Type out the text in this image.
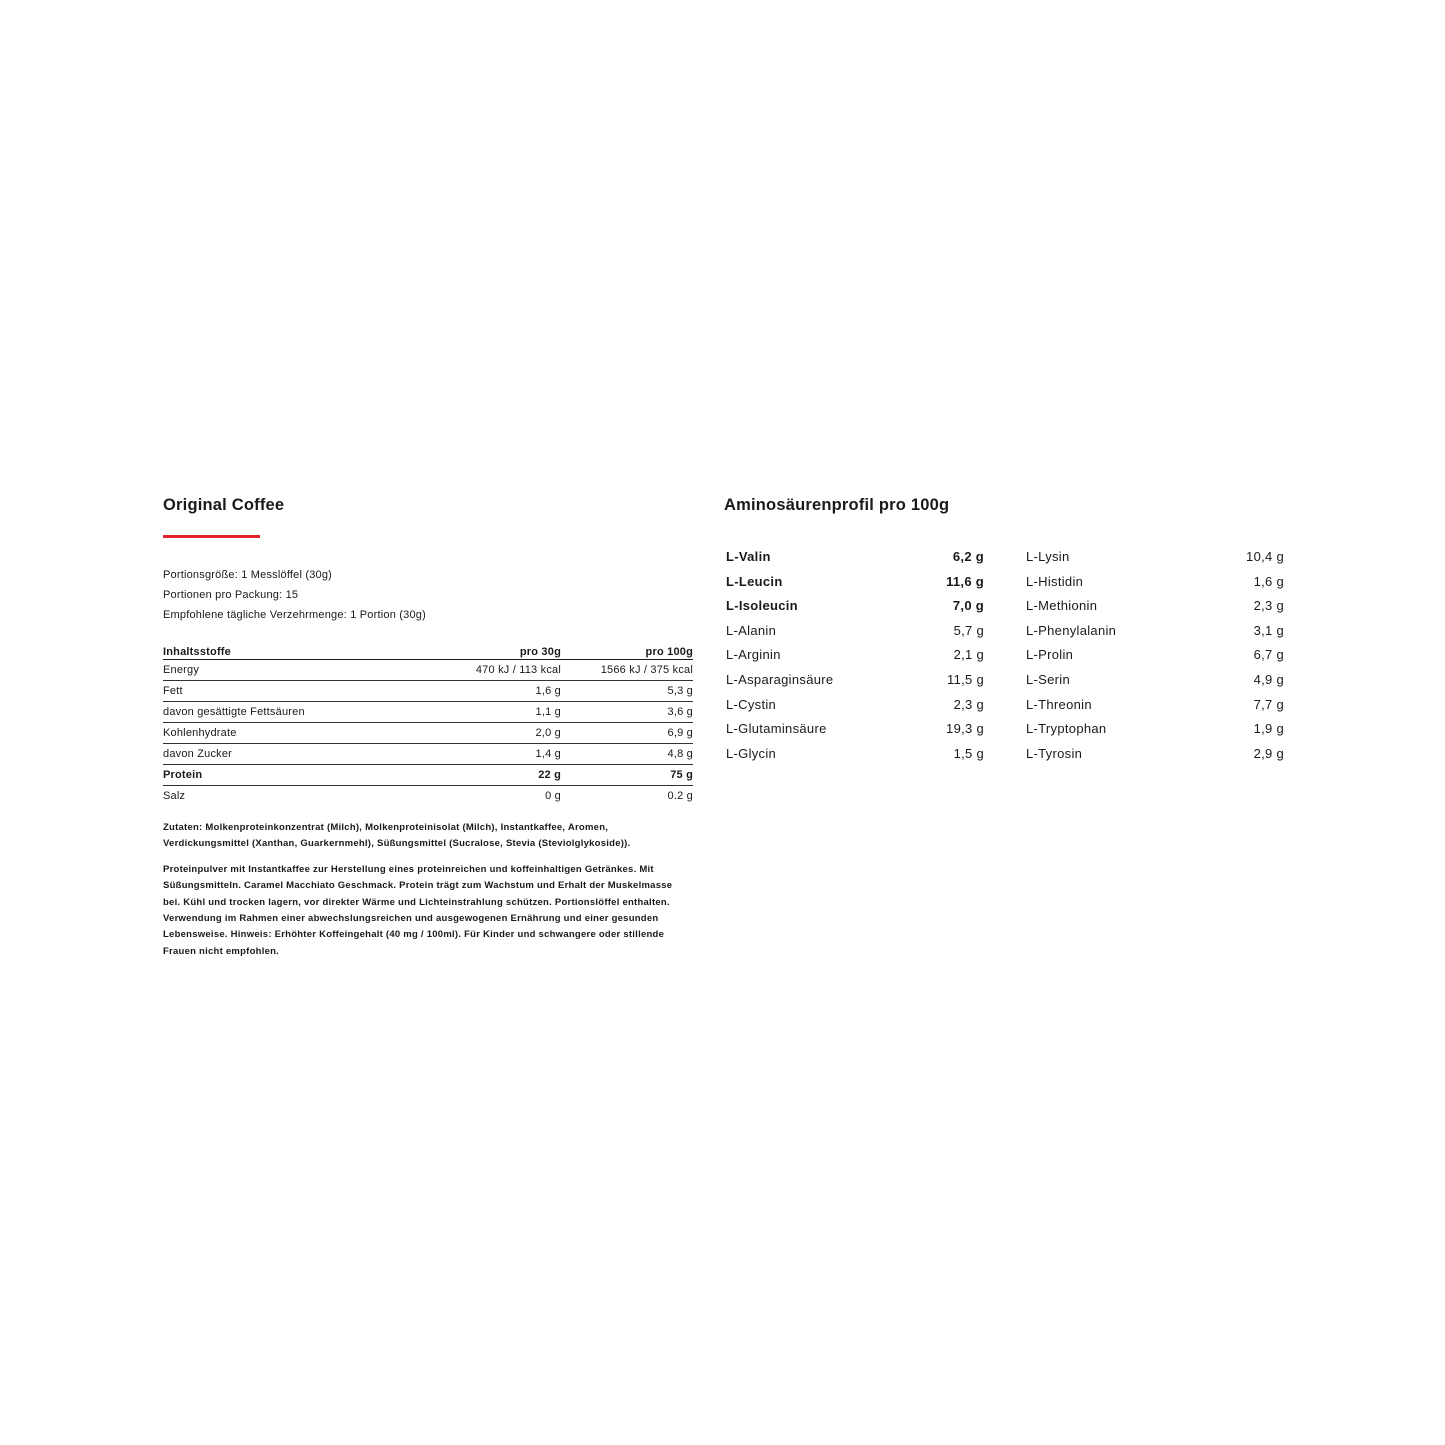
Original Coffee
Portionsgröße: 1 Messlöffel (30g)
Portionen pro Packung: 15
Empfohlene tägliche Verzehrmenge: 1 Portion (30g)
Inhaltsstoffe	pro 30g	pro 100g
Energy	470 kJ / 113 kcal	1566 kJ / 375 kcal
Fett	1,6 g	5,3 g
davon gesättigte Fettsäuren	1,1 g	3,6 g
Kohlenhydrate	2,0 g	6,9 g
davon Zucker	1,4 g	4,8 g
Protein	22 g	75 g
Salz	0 g	0.2 g

Zutaten: Molkenproteinkonzentrat (Milch), Molkenproteinisolat (Milch), Instantkaffee, Aromen, Verdickungsmittel (Xanthan, Guarkernmehl), Süßungsmittel (Sucralose, Stevia (Steviolglykoside)).

Proteinpulver mit Instantkaffee zur Herstellung eines proteinreichen und koffeinhaltigen Getränkes. Mit Süßungsmitteln. Caramel Macchiato Geschmack. Protein trägt zum Wachstum und Erhalt der Muskelmasse bei. Kühl und trocken lagern, vor direkter Wärme und Lichteinstrahlung schützen. Portionslöffel enthalten. Verwendung im Rahmen einer abwechslungsreichen und ausgewogenen Ernährung und einer gesunden Lebensweise. Hinweis: Erhöhter Koffeingehalt (40 mg / 100ml). Für Kinder und schwangere oder stillende Frauen nicht empfohlen.

Aminosäurenprofil pro 100g
L-Valin	6,2 g
L-Leucin	11,6 g
L-Isoleucin	7,0 g
L-Alanin	5,7 g
L-Arginin	2,1 g
L-Asparaginsäure	11,5 g
L-Cystin	2,3 g
L-Glutaminsäure	19,3 g
L-Glycin	1,5 g
L-Lysin	10,4 g
L-Histidin	1,6 g
L-Methionin	2,3 g
L-Phenylalanin	3,1 g
L-Prolin	6,7 g
L-Serin	4,9 g
L-Threonin	7,7 g
L-Tryptophan	1,9 g
L-Tyrosin	2,9 g
